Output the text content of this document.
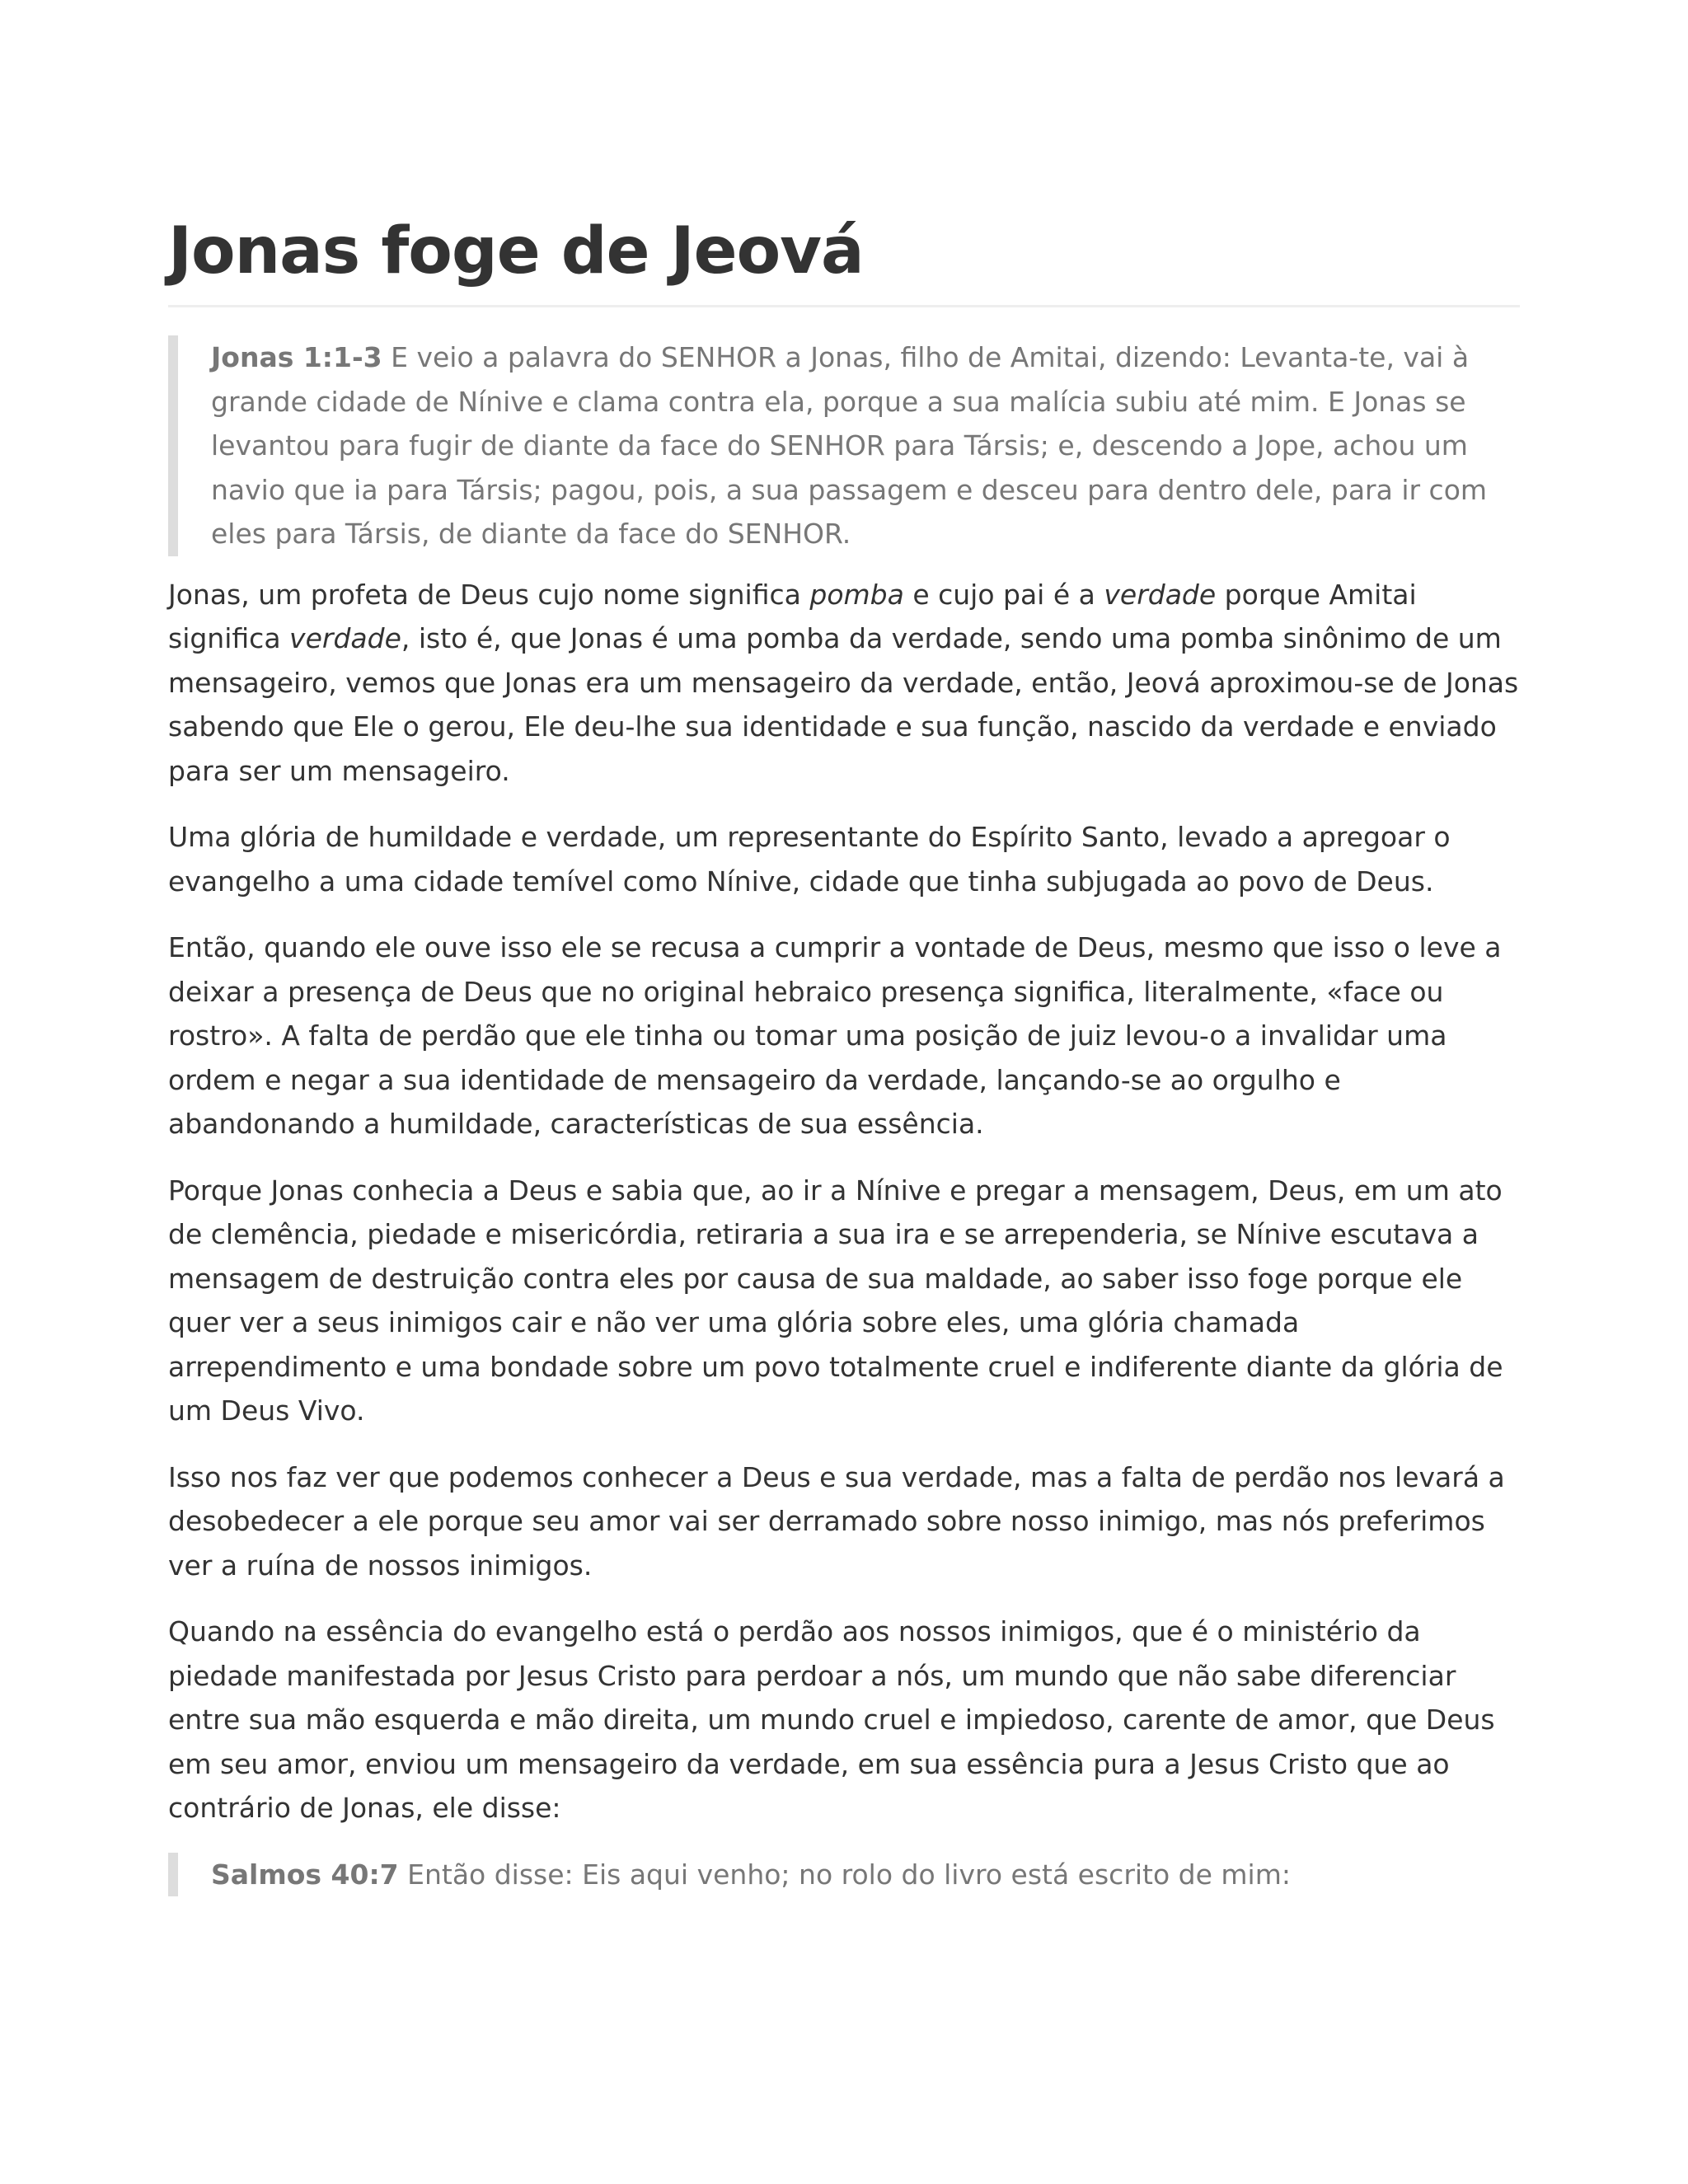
Jonas foge de Jeová
Jonas 1:1-3 E veio a palavra do SENHOR a Jonas, filho de Amitai, dizendo: Levanta-te, vai à grande cidade de Nínive e clama contra ela, porque a sua malícia subiu até mim. E Jonas se levantou para fugir de diante da face do SENHOR para Társis; e, descendo a Jope, achou um navio que ia para Társis; pagou, pois, a sua passagem e desceu para dentro dele, para ir com eles para Társis, de diante da face do SENHOR.

Jonas, um profeta de Deus cujo nome significa pomba e cujo pai é a verdade porque Amitai significa verdade, isto é, que Jonas é uma pomba da verdade, sendo uma pomba sinônimo de um mensageiro, vemos que Jonas era um mensageiro da verdade, então, Jeová aproximou-se de Jonas sabendo que Ele o gerou, Ele deu-lhe sua identidade e sua função, nascido da verdade e enviado para ser um mensageiro.

Uma glória de humildade e verdade, um representante do Espírito Santo, levado a apregoar o evangelho a uma cidade temível como Nínive, cidade que tinha subjugada ao povo de Deus.

Então, quando ele ouve isso ele se recusa a cumprir a vontade de Deus, mesmo que isso o leve a deixar a presença de Deus que no original hebraico presença significa, literalmente, «face ou rostro». A falta de perdão que ele tinha ou tomar uma posição de juiz levou-o a invalidar uma ordem e negar a sua identidade de mensageiro da verdade, lançando-se ao orgulho e abandonando a humildade, características de sua essência.

Porque Jonas conhecia a Deus e sabia que, ao ir a Nínive e pregar a mensagem, Deus, em um ato de clemência, piedade e misericórdia, retiraria a sua ira e se arrependeria, se Nínive escutava a mensagem de destruição contra eles por causa de sua maldade, ao saber isso foge porque ele quer ver a seus inimigos cair e não ver uma glória sobre eles, uma glória chamada arrependimento e uma bondade sobre um povo totalmente cruel e indiferente diante da glória de um Deus Vivo.

Isso nos faz ver que podemos conhecer a Deus e sua verdade, mas a falta de perdão nos levará a desobedecer a ele porque seu amor vai ser derramado sobre nosso inimigo, mas nós preferimos ver a ruína de nossos inimigos.

Quando na essência do evangelho está o perdão aos nossos inimigos, que é o ministério da piedade manifestada por Jesus Cristo para perdoar a nós, um mundo que não sabe diferenciar entre sua mão esquerda e mão direita, um mundo cruel e impiedoso, carente de amor, que Deus em seu amor, enviou um mensageiro da verdade, em sua essência pura a Jesus Cristo que ao contrário de Jonas, ele disse:

Salmos 40:7 Então disse: Eis aqui venho; no rolo do livro está escrito de mim:
